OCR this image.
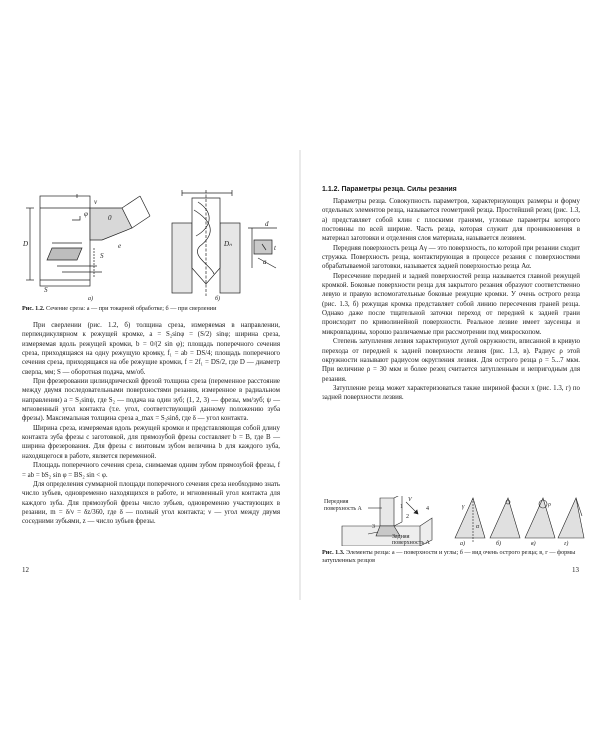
D
v
S
S
e
0
φ
Dₙ
d
t
a
а)	б)
Рис. 1.2. Сечение среза: а — при токарной обработке; б — при сверлении

При сверлении (рис. 1.2, б) толщина среза, измеряемая в направлении, перпендикулярном к режущей кромке, a = S₂sinφ = (S/2) sinφ; ширина среза, измеряемая вдоль режущей кромки, b = 0/(2 sin φ); площадь поперечного сечения среза, приходящаяся на одну режущую кромку, f₁ = ab = DS/4; площадь поперечного сечения среза, приходящаяся на обе режущие кромки, f = 2f₁ = DS/2, где D — диаметр сверла, мм; S — оборотная подача, мм/об.

При фрезеровании цилиндрической фрезой толщина среза (переменное расстояние между двумя последовательными поверхностями резания, измеренное в радиальном направлении) a = S₂sinψ, где S₂ — подача на один зуб; (1, 2, 3) — фрезы, мм/зуб; ψ — мгновенный угол контакта (т.е. угол, соответствующий данному положению зуба фрезы). Максимальная толщина среза a_max = S₂sinδ, где δ — угол контакта.

Ширина среза, измеряемая вдоль режущей кромки и представляющая собой длину контакта зуба фрезы с заготовкой, для прямозубой фрезы составляет b = B, где B — ширина фрезерования. Для фрезы с винтовым зубом величина b для каждого зуба, находящегося в работе, является переменной.

Площадь поперечного сечения среза, снимаемая одним зубом прямозубой фрезы, f = ab = bS₂ sin φ = BS₂ sin < φ.

Для определения суммарной площади поперечного сечения среза необходимо знать число зубьев, одновременно находящихся в работе, и мгновенный угол контакта для каждого зуба. Для прямозубой фрезы число зубьев, одновременно участвующих в резании, m = δ/ν = δz/360, где δ — полный угол контакта; ν — угол между двумя соседними зубьями, z — число зубьев фрезы.

12
1.1.2. Параметры резца. Силы резания

Параметры резца. Совокупность параметров, характеризующих размеры и форму отдельных элементов резца, называется геометрией резца. Простейший резец (рис. 1.3, а) представляет собой клин с плоскими гранями, угловые параметры которого постоянны по всей ширине. Часть резца, которая служит для проникновения в материал заготовки и отделения слоя материала, называется лезвием.

Передняя поверхность резца Aγ — это поверхность, по которой при резании сходит стружка. Поверхность резца, контактирующая в процессе резания с поверхностями обрабатываемой заготовки, называется задней поверхностью резца Aα.

Пересечение передней и задней поверхностей резца называется главной режущей кромкой. Боковые поверхности резца для закрытого резания образуют соответственно левую и правую вспомогательные боковые режущие кромки. У очень острого резца (рис. 1.3, б) режущая кромка представляет собой линию пересечения граней резца. Однако даже после тщательной заточки переход от передней к задней грани происходит по криволинейной поверхности. Реальное лезвие имеет заусенцы и микровпадины, хорошо различаемые при рассмотрении под микроскопом.

Степень затупления лезвия характеризуют дугой окружности, вписанной в кривую перехода от передней к задней поверхности лезвия (рис. 1.3, в). Радиус ρ этой окружности называют радиусом округления лезвия. Для острого резца ρ = 5...7 мкм. При величине ρ = 30 мкм и более резец считается затупленным и непригодным для резания.

Затупление резца может характеризоваться также шириной фаски x (рис. 1.3, г) по задней поверхности лезвия.

Передняя
поверхность A
Задняя
поверхность A
V
1
2
3
4	γ
α
ρ
а)	б)	в)	г)
Рис. 1.3. Элементы резца: а — поверхности и углы; б — вид очень острого резца; в, г — формы затупленных резцов
13
